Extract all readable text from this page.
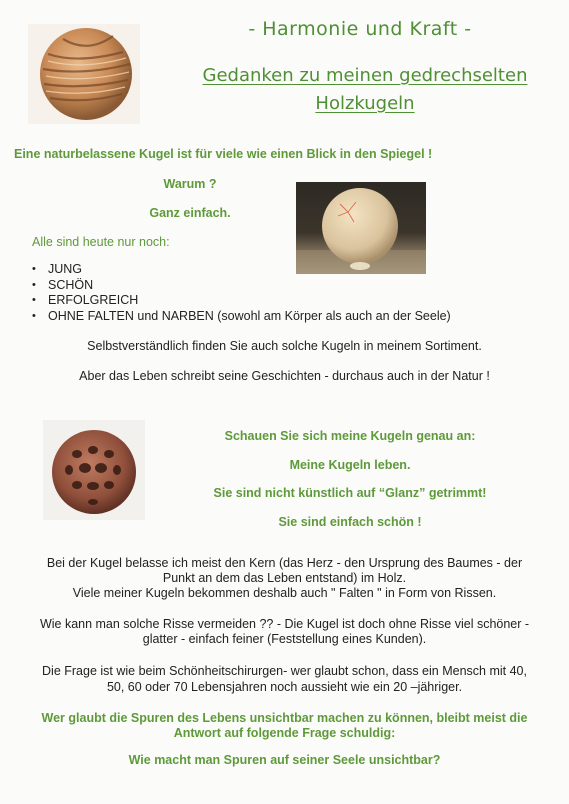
- Harmonie und Kraft -
Gedanken zu meinen gedrechselten
Holzkugeln
Eine naturbelassene Kugel ist für viele wie einen Blick in den Spiegel !
Warum ?
Ganz einfach.
Alle sind heute nur noch:
• JUNG
• SCHÖN
• ERFOLGREICH
• OHNE FALTEN und NARBEN (sowohl am Körper als auch an der Seele)
Selbstverständlich finden Sie auch solche Kugeln in meinem Sortiment.
Aber das Leben schreibt seine Geschichten - durchaus auch in der Natur !
Schauen Sie sich meine Kugeln genau an:
Meine Kugeln leben.
Sie sind nicht künstlich auf “Glanz” getrimmt!
Sie sind einfach schön !
Bei der Kugel belasse ich meist den Kern (das Herz - den Ursprung des Baumes - der
Punkt an dem das Leben entstand) im Holz.
Viele meiner Kugeln bekommen deshalb auch " Falten " in Form von Rissen.
Wie kann man solche Risse vermeiden ?? - Die Kugel ist doch ohne Risse viel schöner -
glatter - einfach feiner (Feststellung eines Kunden).
Die Frage ist wie beim Schönheitschirurgen- wer glaubt schon, dass ein Mensch mit 40,
50, 60 oder 70 Lebensjahren noch aussieht wie ein 20 –jähriger.
Wer glaubt die Spuren des Lebens unsichtbar machen zu können, bleibt meist die
Antwort auf folgende Frage schuldig:
Wie macht man Spuren auf seiner Seele unsichtbar?
